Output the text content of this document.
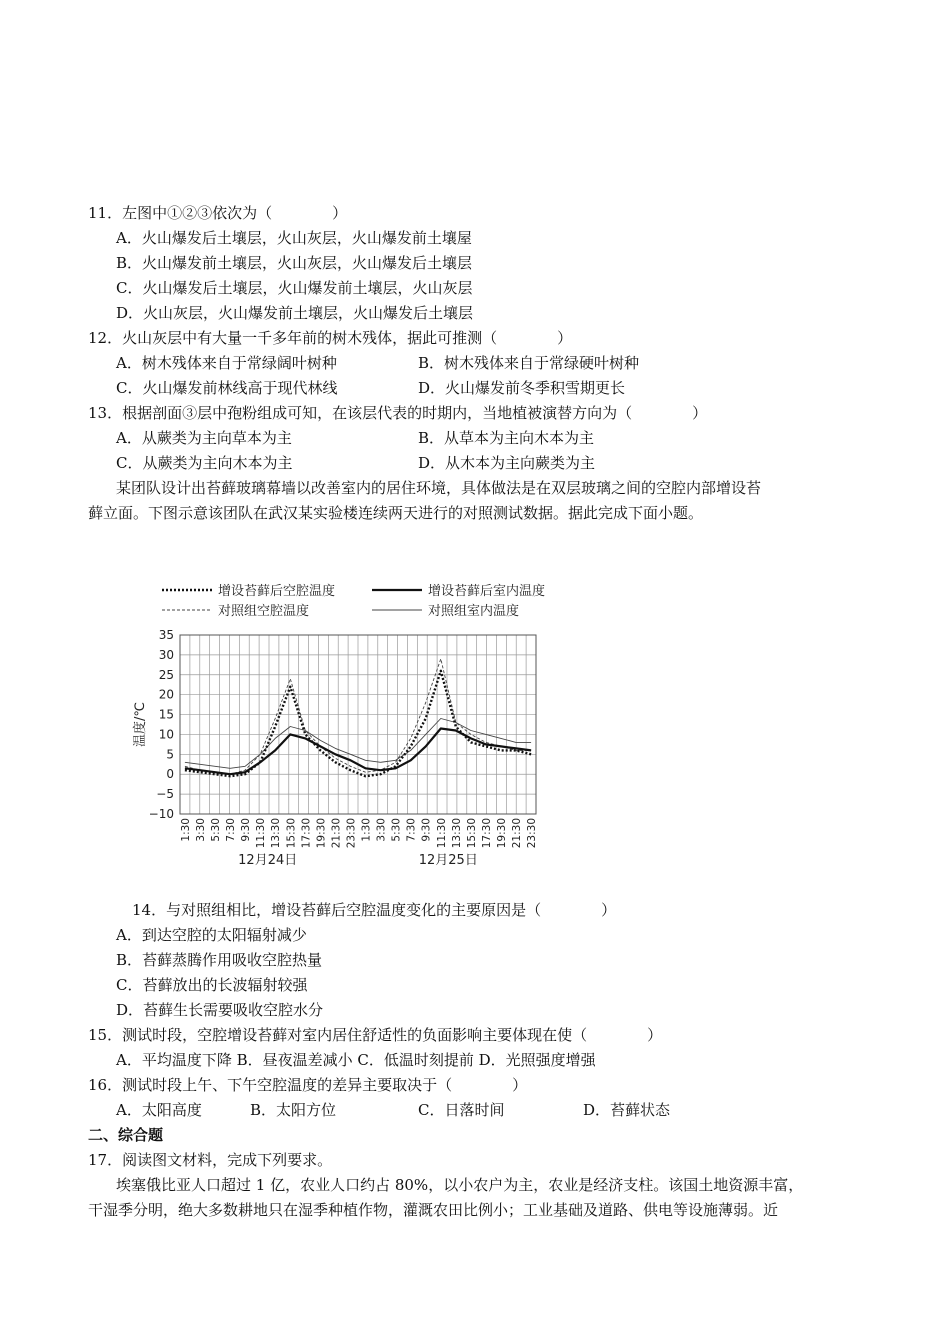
11．左图中①②③依次为（　　　　）
A．火山爆发后土壤层，火山灰层，火山爆发前土壤屋
B．火山爆发前土壤层，火山灰层，火山爆发后土壤层
C．火山爆发后土壤层，火山爆发前土壤层，火山灰层
D．火山灰层，火山爆发前土壤层，火山爆发后土壤层
12．火山灰层中有大量一千多年前的树木残体，据此可推测（　　　　）
A．树木残体来自于常绿阔叶树种	B．树木残体来自于常绿硬叶树种
C．火山爆发前林线高于现代林线	D．火山爆发前冬季积雪期更长
13．根据剖面③层中孢粉组成可知，在该层代表的时期内，当地植被演替方向为（　　　　）
A．从蕨类为主向草本为主	B．从草本为主向木本为主
C．从蕨类为主向木本为主	D．从木本为主向蕨类为主
某团队设计出苔藓玻璃幕墙以改善室内的居住环境，具体做法是在双层玻璃之间的空腔内部增设苔
藓立面。下图示意该团队在武汉某实验楼连续两天进行的对照测试数据。据此完成下面小题。
35
30
25
20
15
10
5
0
−5
−10
温度/℃
1:30 3:30 5:30 7:30 9:30 11:30 13:30 15:30 17:30 19:30 21:30 23:30 1:30 3:30 5:30 7:30 9:30 11:30 13:30 15:30 17:30 19:30 21:30 23:30
12月24日	12月25日
增设苔藓后空腔温度	增设苔藓后室内温度
对照组空腔温度	对照组室内温度
14．与对照组相比，增设苔藓后空腔温度变化的主要原因是（　　　　）
A．到达空腔的太阳辐射减少
B．苔藓蒸腾作用吸收空腔热量
C．苔藓放出的长波辐射较强
D．苔藓生长需要吸收空腔水分
15．测试时段，空腔增设苔藓对室内居住舒适性的负面影响主要体现在使（　　　　）
A．平均温度下降 B．昼夜温差减小 C．低温时刻提前 D．光照强度增强
16．测试时段上午、下午空腔温度的差异主要取决于（　　　　）
A．太阳高度	B．太阳方位	C．日落时间	D．苔藓状态
二、综合题
17．阅读图文材料，完成下列要求。
埃塞俄比亚人口超过 1 亿，农业人口约占 80%，以小农户为主，农业是经济支柱。该国土地资源丰富，
干湿季分明，绝大多数耕地只在湿季种植作物，灌溉农田比例小；工业基础及道路、供电等设施薄弱。近
